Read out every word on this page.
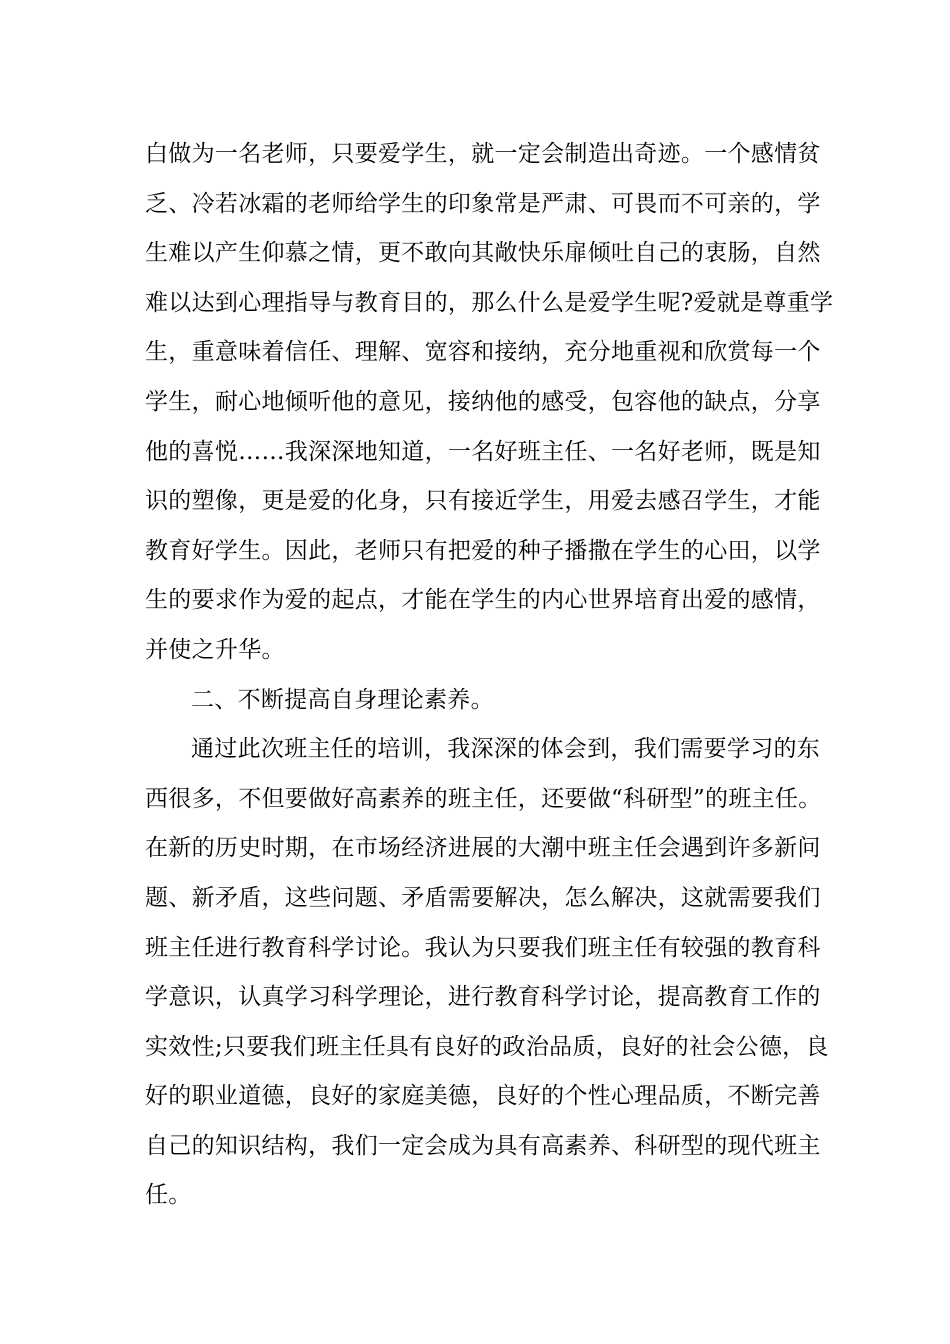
白做为一名老师，只要爱学生，就一定会制造出奇迹。一个感情贫
乏、冷若冰霜的老师给学生的印象常是严肃、可畏而不可亲的，学
生难以产生仰慕之情，更不敢向其敞快乐扉倾吐自己的衷肠，自然
难以达到心理指导与教育目的，那么什么是爱学生呢?爱就是尊重学
生，重意味着信任、理解、宽容和接纳，充分地重视和欣赏每一个
学生，耐心地倾听他的意见，接纳他的感受，包容他的缺点，分享
他的喜悦……我深深地知道，一名好班主任、一名好老师，既是知
识的塑像，更是爱的化身，只有接近学生，用爱去感召学生，才能
教育好学生。因此，老师只有把爱的种子播撒在学生的心田，以学
生的要求作为爱的起点，才能在学生的内心世界培育出爱的感情，
并使之升华。
二、不断提高自身理论素养。
通过此次班主任的培训，我深深的体会到，我们需要学习的东
西很多，不但要做好高素养的班主任，还要做“科研型”的班主任。
在新的历史时期，在市场经济进展的大潮中班主任会遇到许多新问
题、新矛盾，这些问题、矛盾需要解决，怎么解决，这就需要我们
班主任进行教育科学讨论。我认为只要我们班主任有较强的教育科
学意识，认真学习科学理论，进行教育科学讨论，提高教育工作的
实效性;只要我们班主任具有良好的政治品质，良好的社会公德，良
好的职业道德，良好的家庭美德，良好的个性心理品质，不断完善
自己的知识结构，我们一定会成为具有高素养、科研型的现代班主
任。
